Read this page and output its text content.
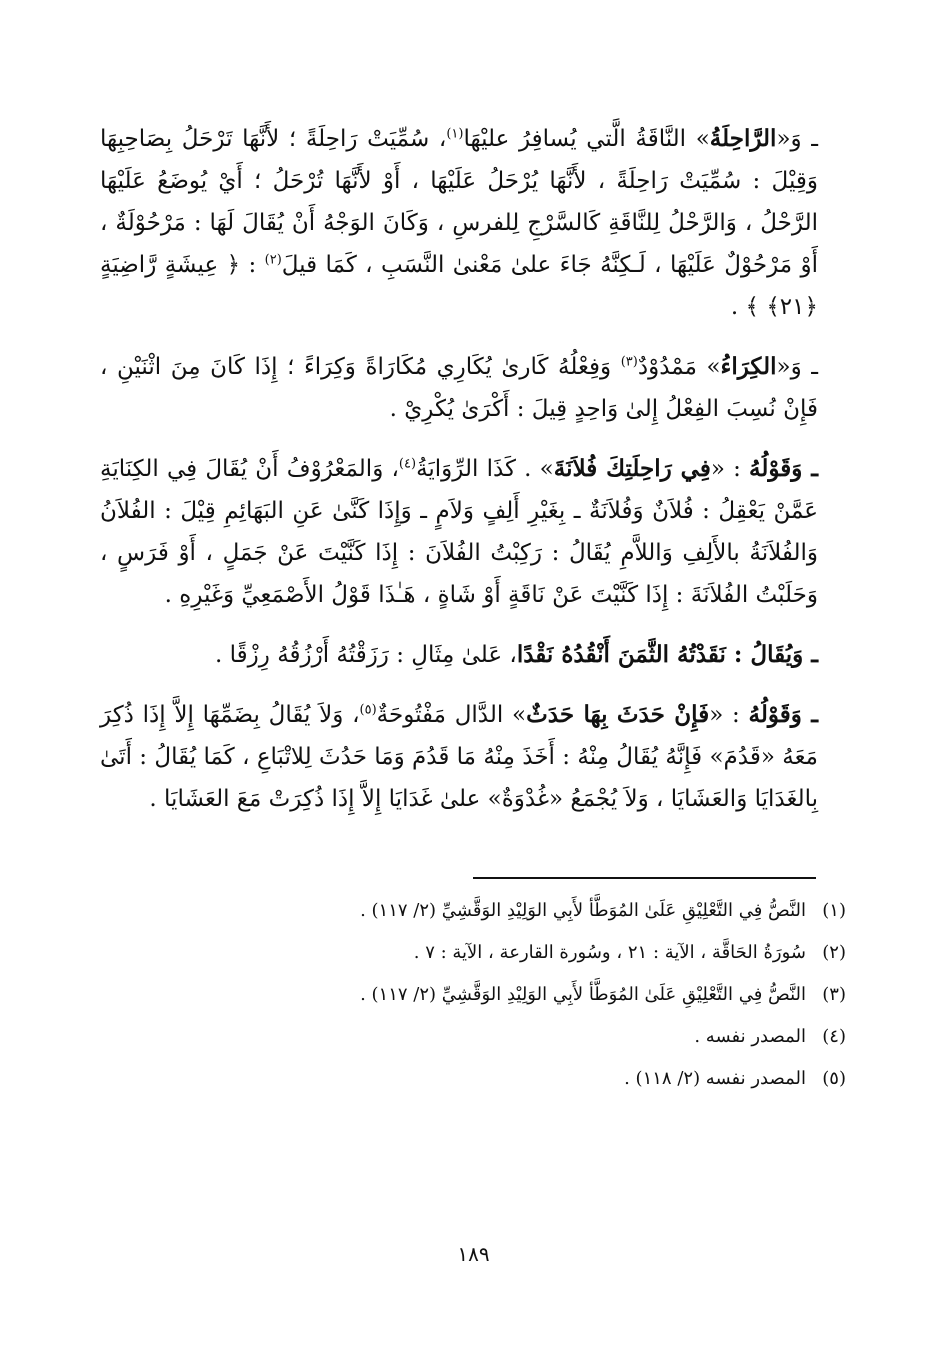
ـ وَ«الرَّاحِلَةُ» النَّاقَةُ الَّتي يُسافِرُ عليْهَا$^{(١)}$، سُمِّيَتْ رَاحِلَةً ؛ لأَنَّهَا تَرْحَلُ بِصَاحِبِهَا وَقِيْلَ : سُمِّيَتْ رَاحِلَةً ، لأَنَّهَا يُرْحَلُ عَلَيْهَا ، أَوْ لأَنَّهَا تُرْحَلُ ؛ أَيْ يُوضَعُ عَلَيْهَا الرَّحْلُ ، وَالرَّحْلُ لِلنَّاقَةِ كَالسَّرْجِ لِلفرسِ ، وَكَانَ الوَجْهُ أَنْ يُقَالَ لَهَا : مَرْحُوْلَةٌ ، أَوْ مَرْحُوْلٌ عَلَيْهَا ، لَـكِنَّهُ جَاءَ علىٰ مَعْنىٰ النَّسَبِ ، كَمَا قيلَ$^{(٢)}$ : ﴿ عِيشَةٍ رَّاضِيَةٍ ﴿٢١﴾ ﴾ .

ـ وَ«الكِرَاءُ» مَمْدُوْدٌ$^{(٣)}$ وَفِعْلُهُ كَارىٰ يُكَارِي مُكَارَاةً وَكِرَاءً ؛ إِذَا كَانَ مِنَ اثْنَيْنِ ، فَإِنْ نُسِبَ الفِعْلُ إِلىٰ وَاحِدٍ قِيلَ : أَكْرَىٰ يُكْرِيْ .

ـ وَقَوْلُهُ : «فِي رَاحِلَتِكَ فُلاَنَةَ» . كَذَا الرِّوَايَةُ$^{(٤)}$، وَالمَعْرُوْفُ أَنْ يُقَالَ فِي الكِنَايَةِ عَمَّنْ يَعْقِلُ : فُلاَنٌ وَفُلاَنَةٌ ـ بِغَيْرِ أَلِفٍ وَلاَمٍ ـ وَإِذَا كَنَّىٰ عَنِ البَهَائِمِ قِيْلَ : الفُلاَنُ وَالفُلاَنَةُ بالأَلِفِ وَاللاَّمِ يُقَالُ : رَكِبْتُ الفُلاَنَ : إِذَا كَنَّيْتَ عَنْ جَمَلٍ ، أَوْ فَرَسٍ ، وَحَلَبْتُ الفُلاَنَةَ : إِذَا كَنَّيْتَ عَنْ نَاقَةٍ أَوْ شَاةٍ ، هَـٰذَا قَوْلُ الأَصْمَعِيِّ وَغَيْرِهِ .

ـ وَيُقَالُ : نَقَدْتُهُ الثَّمَنَ أَنْقُدُهُ نَقْدًا، عَلىٰ مِثَالِ : رَزَقْتُهُ أَرْزُقُهُ رِزْقًا .

ـ وَقَوْلُهُ : «فَإِنْ حَدَثَ بِهَا حَدَثٌ» الدَّال مَفْتُوحَةٌ$^{(٥)}$، وَلاَ يُقَالُ بِضَمِّهَا إِلاَّ إِذَا ذُكِرَ مَعَهُ «قَدُمَ» فَإِنَّهُ يُقَالُ مِنْهُ : أَخَذَ مِنْهُ مَا قَدُمَ وَمَا حَدُثَ لِلاتْبَاعِ ، كَمَا يُقَالُ : أَتَىٰ بِالغَدَايَا وَالعَشَايَا ، وَلاَ يُجْمَعُ «غُدْوَةٌ» علىٰ غَدَايَا إِلاَّ إِذَا ذُكِرَتْ مَعَ العَشَايَا .

(١)
النَّصُّ فِي التَّعْلِيْقِ عَلَىٰ المُوَطَّأ لأَبِي الوَلِيْدِ الوَقَّشِيِّ (٢/ ١١٧) .
(٢)
سُورَةُ الحَاقَّة ، الآية : ٢١ ، وسُورة القارعة ، الآية : ٧ .
(٣)
النَّصُّ فِي التَّعْلِيْقِ عَلَىٰ المُوَطَّأ لأَبِي الوَلِيْدِ الوَقَّشِيِّ (٢/ ١١٧) .
(٤)
المصدر نفسه .
(٥)
المصدر نفسه (٢/ ١١٨) .
١٨٩
